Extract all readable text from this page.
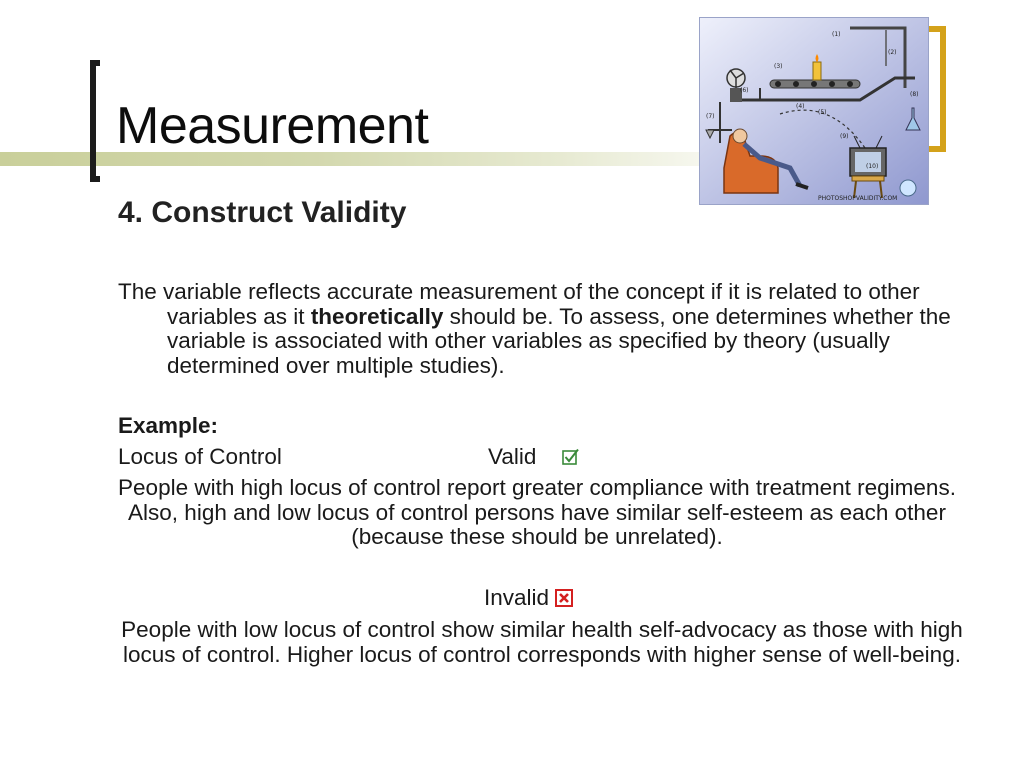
Measurement
4. Construct Validity
The variable reflects accurate measurement of the concept if it is related to other variables as it theoretically should be. To assess, one determines whether the variable is associated with other variables as specified by theory (usually determined over multiple studies).
Example:
Locus of Control	Valid
People with high locus of control report greater compliance with treatment regimens. Also, high and low locus of control persons have similar self-esteem as each other (because these should be unrelated).
Invalid
People with low locus of control show similar health self-advocacy as those with high locus of control. Higher locus of control corresponds with higher sense of well-being.
PHOTOSHOPVALIDITY.COM
(1)
(2)
(3)
(4)
(5)
(6)
(7)
(8)
(9)
(10)
